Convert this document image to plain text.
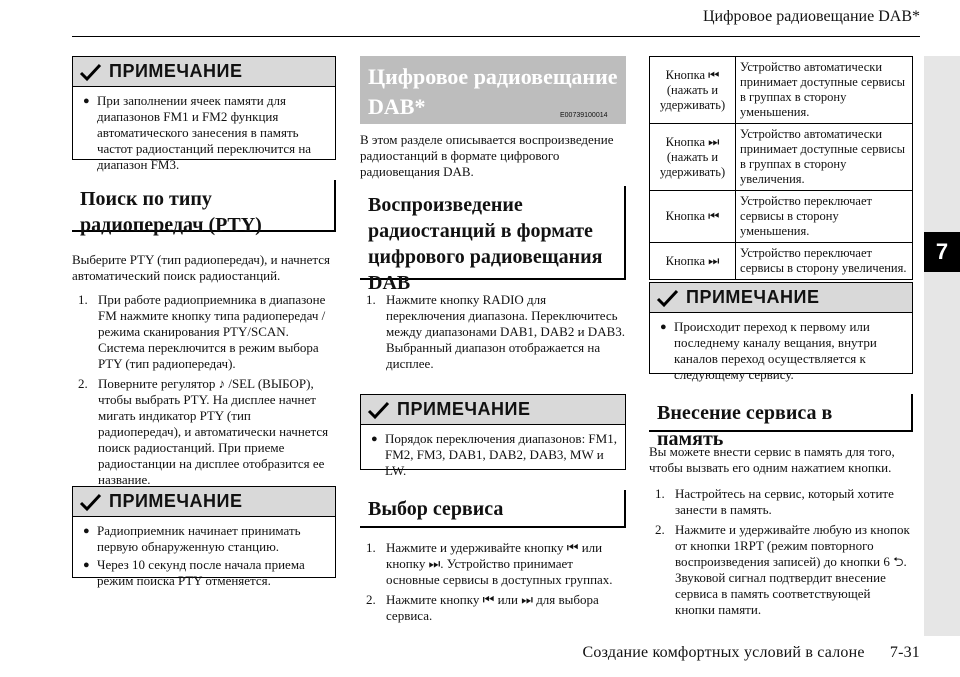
Цифровое радиовещание DAB*
7
Создание комфортных условий в салоне      7-31
ПРИМЕЧАНИЕ
● При заполнении ячеек памяти для диапазонов FM1 и FM2 функция автоматического занесения в память частот радиостанций переключится на диапазон FM3.
Поиск по типу радиопередач (PTY)
Выберите PTY (тип радиопередач), и начнется автоматический поиск радиостанций.
1. При работе радиоприемника в диапазоне FM нажмите кнопку типа радиопередач / режима сканирования PTY/SCAN. Система переключится в режим выбора PTY (тип радиопередач).
2. Поверните регулятор ♪ /SEL (ВЫБОР), чтобы выбрать PTY. На дисплее начнет мигать индикатор PTY (тип радиопередач), и автоматически начнется поиск радиостанций. При приеме радиостанции на дисплее отобразится ее название.
ПРИМЕЧАНИЕ
● Радиоприемник начинает принимать первую обнаруженную станцию.
● Через 10 секунд после начала приема режим поиска PTY отменяется.
Цифровое радиовещание DAB*	E00739100014
В этом разделе описывается воспроизведение радиостанций в формате цифрового радиовещания DAB.
Воспроизведение радиостанций в формате цифрового радиовещания DAB
1. Нажмите кнопку RADIO для переключения диапазона. Переключитесь между диапазонами DAB1, DAB2 и DAB3. Выбранный диапазон отображается на дисплее.
ПРИМЕЧАНИЕ
● Порядок переключения диапазонов: FM1, FM2, FM3, DAB1, DAB2, DAB3, MW и LW.
Выбор сервиса
1. Нажмите и удерживайте кнопку ⏮ или кнопку ⏭. Устройство принимает основные сервисы в доступных группах.
2. Нажмите кнопку ⏮ или ⏭ для выбора сервиса.
Кнопка ⏮ (нажать и удерживать)	Устройство автоматически принимает доступные сервисы в группах в сторону уменьшения.
Кнопка ⏭ (нажать и удерживать)	Устройство автоматически принимает доступные сервисы в группах в сторону увеличения.
Кнопка ⏮	Устройство переключает сервисы в сторону уменьшения.
Кнопка ⏭	Устройство переключает сервисы в сторону увеличения.
ПРИМЕЧАНИЕ
● Происходит переход к первому или последнему каналу вещания, внутри каналов переход осуществляется к следующему сервису.
Внесение сервиса в память
Вы можете внести сервис в память для того, чтобы вызвать его одним нажатием кнопки.
1. Настройтесь на сервис, который хотите занести в память.
2. Нажмите и удерживайте любую из кнопок от кнопки 1RPT (режим повторного воспроизведения записей) до кнопки 6 ⮌. Звуковой сигнал подтвердит внесение сервиса в память соответствующей кнопки памяти.
